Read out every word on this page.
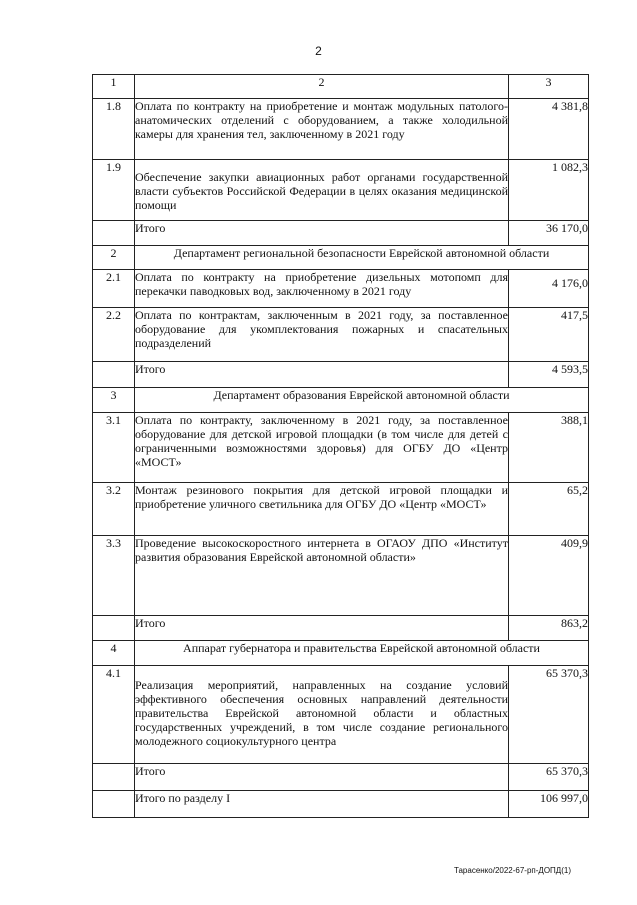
2
1	2	3
1.8	Оплата по контракту на приобретение и монтаж модульных патолого-анатомических отделений с оборудованием, а также холодильной камеры для хранения тел, заключенному в 2021 году	4 381,8
1.9	Обеспечение закупки авиационных работ органами государственной власти субъектов Российской Федерации в целях оказания медицинской помощи	1 082,3
	Итого	36 170,0
2	Департамент региональной безопасности Еврейской автономной области	
2.1	Оплата по контракту на приобретение дизельных мотопомп для перекачки паводковых вод, заключенному в 2021 году	4 176,0
2.2	Оплата по контрактам, заключенным в 2021 году, за поставленное оборудование для укомплектования пожарных и спасательных подразделений	417,5
	Итого	4 593,5
3	Департамент образования Еврейской автономной области	
3.1	Оплата по контракту, заключенному в 2021 году, за поставленное оборудование для детской игровой площадки (в том числе для детей с ограниченными возможностями здоровья) для ОГБУ ДО «Центр «МОСТ»	388,1
3.2	Монтаж резинового покрытия для детской игровой площадки и приобретение уличного светильника для ОГБУ ДО «Центр «МОСТ»	65,2
3.3	Проведение высокоскоростного интернета в ОГАОУ ДПО «Институт развития образования Еврейской автономной области»	409,9
	Итого	863,2
4	Аппарат губернатора и правительства Еврейской автономной области	
4.1	Реализация мероприятий, направленных на создание условий эффективного обеспечения основных направлений деятельности правительства Еврейской автономной области и областных государственных учреждений, в том числе создание регионального молодежного социокультурного центра	65 370,3
	Итого	65 370,3
	Итого по разделу I	106 997,0
Тарасенко/2022-67-рп-ДОПД(1)
